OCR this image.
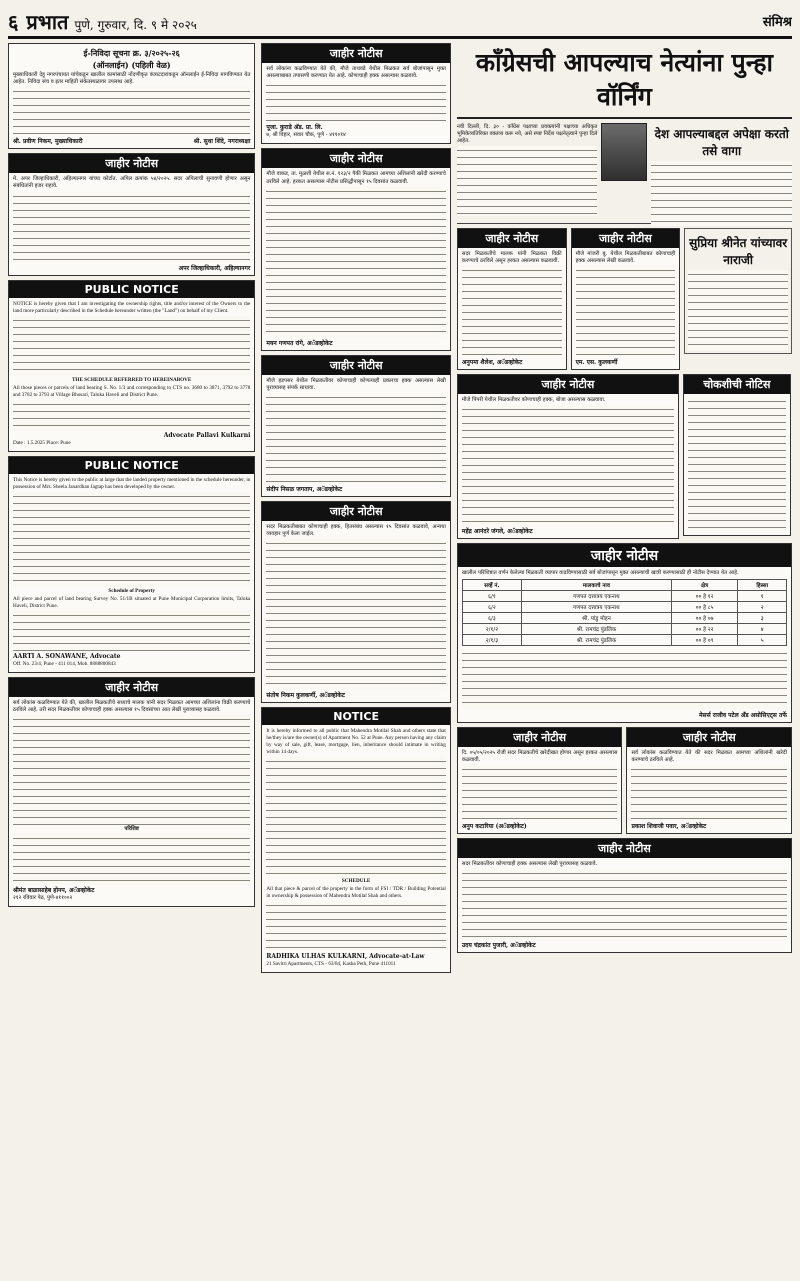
६ प्रभात पुणे, गुरुवार, दि. ९ मे २०२५	संमिश्र
ई-निविदा सूचना क्र. ३/२०२५-२६
(ऑनलाईन) (पहिली वेळ)
मुख्याधिकारी देहू नगरपंचायत यांचेकडून खालील कामांसाठी नोंदणीकृत कंत्राटदारांकडून ऑनलाईन ई-निविदा मागविण्यात येत आहेत. निविदा संच व इतर माहिती संकेतस्थळावर उपलब्ध आहे.
श्री. प्रवीण निकम, मुख्याधिकारी	श्री. सुधा शिंदे, नगराध्यक्षा
जाहीर नोटीस
मे. अपर जिल्हाधिकारी, अहिल्यानगर यांच्या कोर्टात. अपिल क्रमांक ५४/२०२५. सदर अपिलाची सुनावणी होणार असून संबंधितांनी हजर राहावे.
अपर जिल्हाधिकारी, अहिल्यानगर
PUBLIC NOTICE
NOTICE is hereby given that I am investigating the ownership rights, title and/or interest of the Owners to the land more particularly described in the Schedule hereunder written (the "Land") on behalf of my Client.
THE SCHEDULE REFERRED TO HEREINABOVE
All those pieces or parcels of land bearing S. No. 1/3 and corresponding to CTS no. 3680 to 3871, 3792 to 3778 and 3782 to 3793 at Village Bhosari, Taluka Haveli and District Pune.
Advocate Pallavi Kulkarni
Date : 1.5.2025 Place: Pune
PUBLIC NOTICE
This Notice is hereby given to the public at large that the landed property mentioned in the schedule hereunder, in possession of Mrs. Sheela Janardhan Jagtap has been developed by the owner.
Schedule of Property
All piece and parcel of land bearing Survey No. 51/1B situated at Pune Municipal Corporation limits, Taluka Haveli, District Pune.
AARTI A. SONAWANE, Advocate
Off. No. 23/4, Pune - 411 014, Mob. 8888800843
जाहीर नोटीस
सर्व लोकांस कळविण्यात येते की, खालील मिळकतीचे सध्याचे मालक यांनी सदर मिळकत आमच्या अशिलांना विक्री करण्याचे ठरविले आहे. तरी सदर मिळकतीवर कोणाचाही हक्क असल्यास १५ दिवसांच्या आत लेखी पुराव्यासह कळवावे.
परिशिष्ट
श्रीमंत बाळासाहेब होनप, अॅडव्होकेट
२१२ रविवार पेठ, पुणे-४११००२
जाहीर नोटीस
सर्व लोकांना कळविण्यात येते की, मौजे ताथवडे येथील मिळकत सर्व बोजांपासून मुक्त असल्याबाबत तपासणी करण्यात येत आहे. कोणाचाही हक्क असल्यास कळवावे.
पूजा. कुराडे अ‍ॅड. प्रा. लि.
७, श्री विहार, सवार चौक, पुणे - ४११०१४
जाहीर नोटीस
मौजे वाकड, ता. मुळशी येथील स.नं. १२३/२ पैकी मिळकत आमच्या अशिलांनी खरेदी करण्याचे ठरविले आहे. हरकत असल्यास नोटीस प्रसिद्धीपासून १५ दिवसांत कळवावी.
मयन गणपत रांगे, अॅडव्होकेट
जाहीर नोटीस
मौजे हडपसर येथील मिळकतीवर कोणाचाही कोणत्याही प्रकारचा हक्क असल्यास लेखी पुराव्यासह संपर्क साधावा.
संदीप निसळ जगताप, अॅडव्होकेट
जाहीर नोटीस
सदर मिळकतीबाबत कोणाचाही हक्क, हितसंबंध असल्यास १५ दिवसांत कळवावे, अन्यथा व्यवहार पूर्ण केला जाईल.
संतोष निकम कुलकर्णी, अॅडव्होकेट
NOTICE
It is hereby informed to all public that Mahendra Motilal Shah and others state that he/they is/are the owner(s) of Apartment No. 52 at Pune. Any person having any claim by way of sale, gift, lease, mortgage, lien, inheritance should intimate in writing within 14 days.
SCHEDULE
All that piece & parcel of the property in the form of FSI / TDR / Building Potential in ownership & possession of Mahendra Motilal Shah and others.
RADHIKA ULHAS KULKARNI, Advocate-at-Law
21 Savitri Apartments, CTS - 63/84, Kasba Peth, Pune 411011
काँग्रेसची आपल्याच नेत्यांना पुन्हा वॉर्निंग
नवी दिल्ली, दि. ३० - काँग्रेस पक्षाच्या प्रवक्त्यांनी पक्षाच्या अधिकृत भूमिकेव्यतिरिक्त वक्तव्य करू नये, असे स्पष्ट निर्देश पक्षनेतृत्वाने पुन्हा दिले आहेत.
देश आपल्याबद्दल अपेक्षा करतो तसे वागा
जाहीर नोटीस
सदर मिळकतीचे मालक यांनी मिळकत विक्री करण्याचे ठरविले असून हरकत असल्यास कळवावी.
अनुपमा शैलेश, अॅडव्होकेट
जाहीर नोटीस
मौजे मांजरी बु. येथील मिळकतीबाबत कोणाचाही हक्क असल्यास लेखी कळवावे.
एम. एस. कुलकर्णी
सुप्रिया श्रीनेत यांच्यावर नाराजी
जाहीर नोटीस
मौजे पिंपरी येथील मिळकतीवर कोणाचाही हक्क, बोजा असल्यास कळवावा.
महेंद्र आनंदरे जंगले, अॅडव्होकेट
चोकशीची नोटिस
जाहीर नोटीस
खालील परिशिष्टात वर्णन केलेल्या मिळकती व्यापार वाढविण्यासाठी सर्व बोजांपासून मुक्त असल्याची खात्री करण्यासाठी ही नोटीस देण्यात येत आहे.
सर्व्हे नं.	मालकाचे नाव	क्षेत्र	हिस्सा
६/१	गणपत दत्तात्रय एकनाथ	०० हे १२	१
६/२	गणपत दत्तात्रय एकनाथ	०० हे ८५	२
६/३	श्री. पांडु मोहन	०० हे ०७	३
२/१/२	श्री. रामचंद्र पुंडलिक	०० हे २२	४
२/१/३	श्री. रामचंद्र पुंडलिक	०० हे ०९	५
मेसर्स राजीव पटेल अँड असोसिएट्स तर्फे
जाहीर नोटीस
दि. ०५/०५/२०२५ रोजी सदर मिळकतीचे खरेदीखत होणार असून हरकत असल्यास कळवावी.
अनुप कटारिया (अॅडव्होकेट)
जाहीर नोटीस
सर्व लोकांस कळविण्यात येते की सदर मिळकत आमच्या अशिलांनी खरेदी करण्याचे ठरविले आहे.
प्रकाश शिवाजी पवार, अॅडव्होकेट
जाहीर नोटीस
सदर मिळकतीवर कोणाचाही हक्क असल्यास लेखी पुराव्यासह कळवावे.
उदय चंद्रकांत पुजारी, अॅडव्होकेट
